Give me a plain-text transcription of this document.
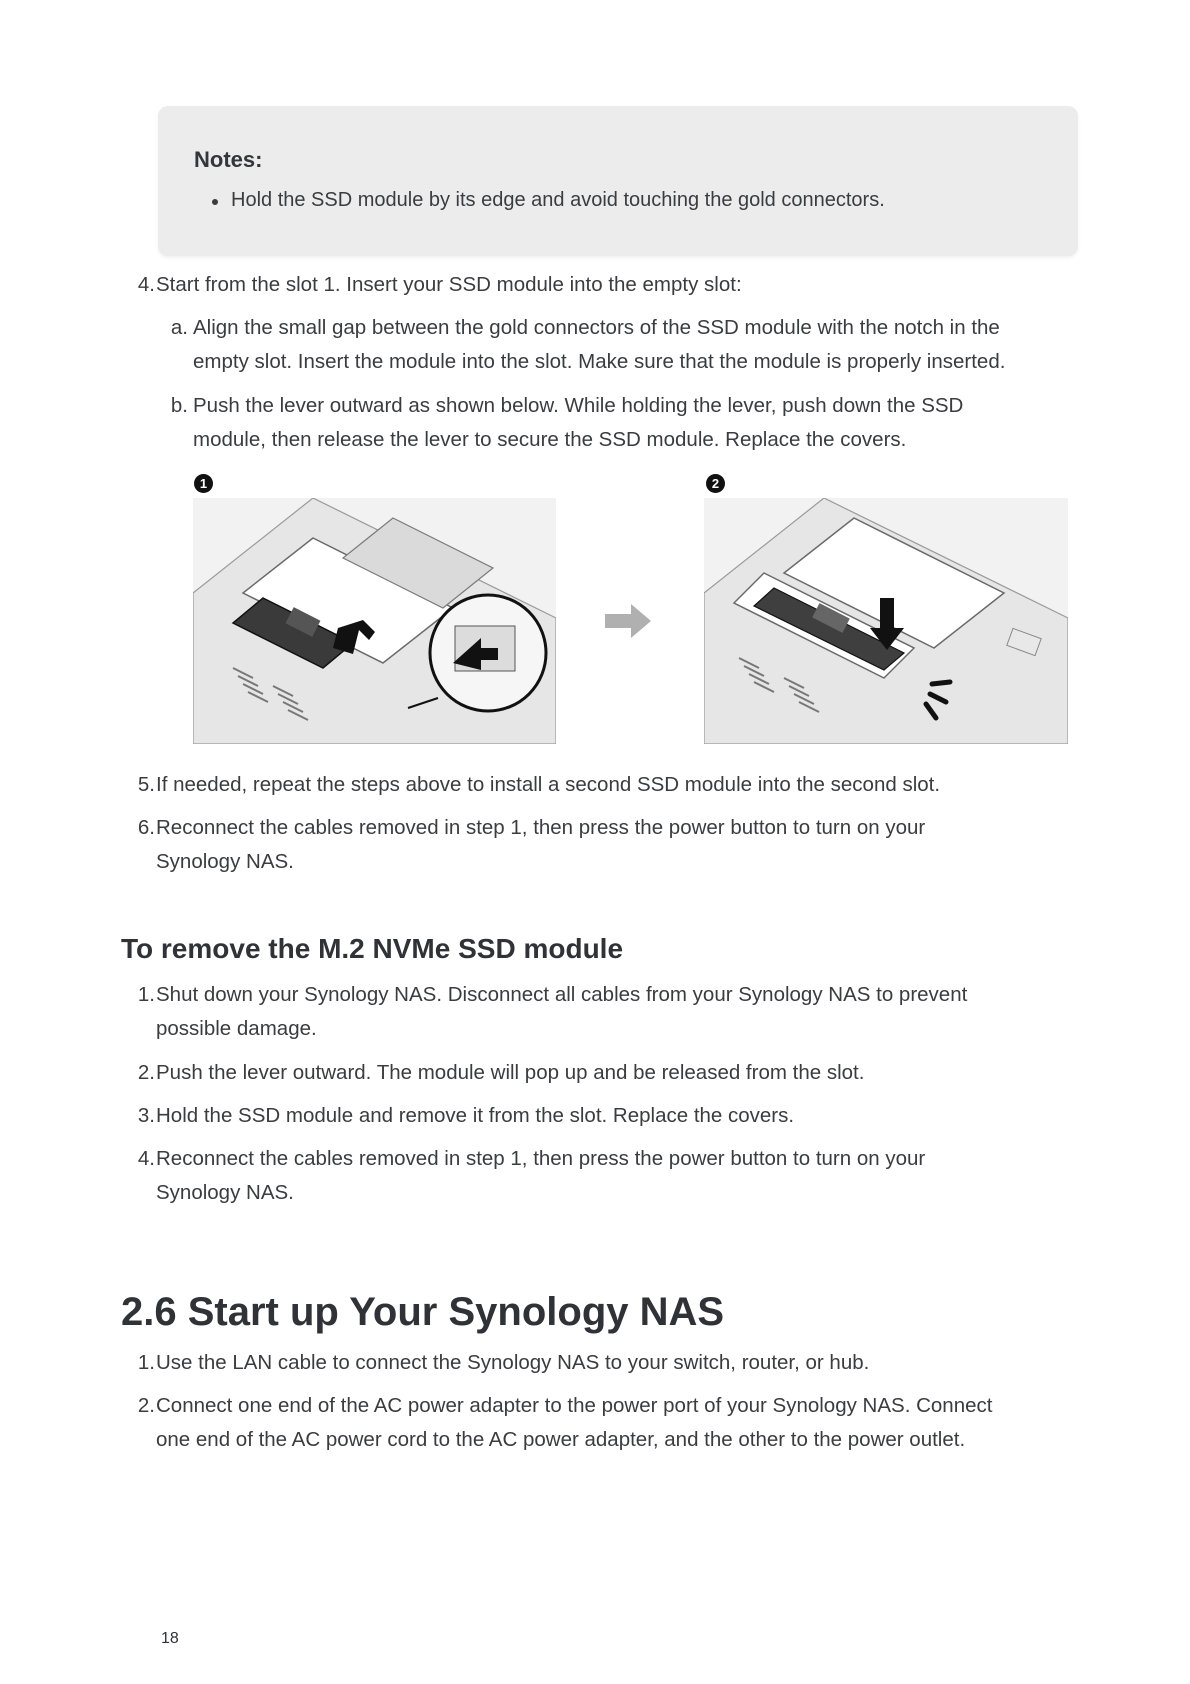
Notes:
Hold the SSD module by its edge and avoid touching the gold connectors.
4. Start from the slot 1. Insert your SSD module into the empty slot:
a. Align the small gap between the gold connectors of the SSD module with the notch in the
empty slot. Insert the module into the slot. Make sure that the module is properly inserted.
b. Push the lever outward as shown below. While holding the lever, push down the SSD
module, then release the lever to secure the SSD module. Replace the covers.
1	2
5. If needed, repeat the steps above to install a second SSD module into the second slot.
6. Reconnect the cables removed in step 1, then press the power button to turn on your
Synology NAS.
To remove the M.2 NVMe SSD module
1. Shut down your Synology NAS. Disconnect all cables from your Synology NAS to prevent
possible damage.
2. Push the lever outward. The module will pop up and be released from the slot.
3. Hold the SSD module and remove it from the slot. Replace the covers.
4. Reconnect the cables removed in step 1, then press the power button to turn on your
Synology NAS.
2.6 Start up Your Synology NAS
1. Use the LAN cable to connect the Synology NAS to your switch, router, or hub.
2. Connect one end of the AC power adapter to the power port of your Synology NAS. Connect
one end of the AC power cord to the AC power adapter, and the other to the power outlet.
18
